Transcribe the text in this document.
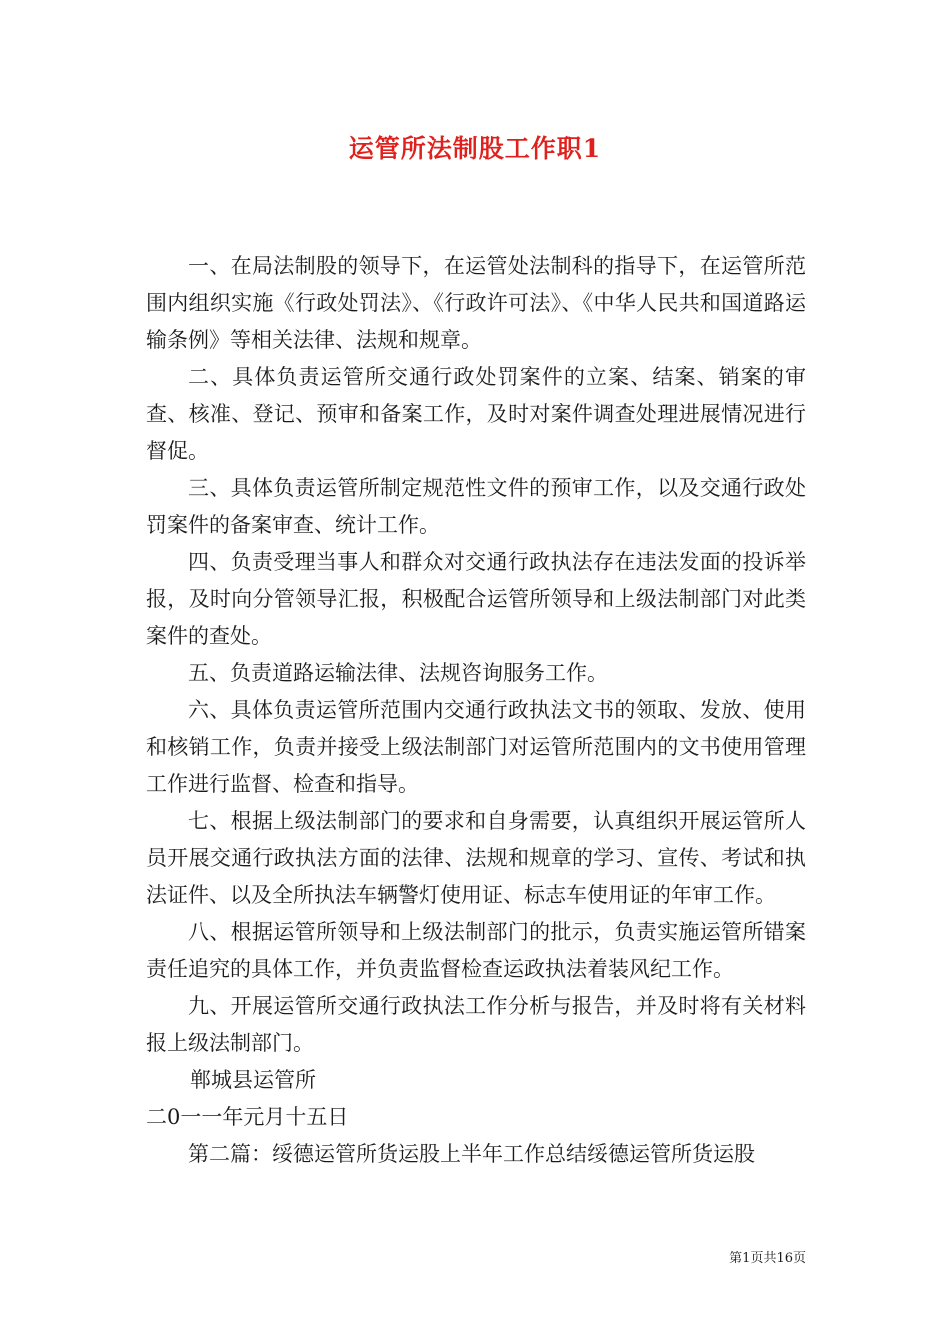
运管所法制股工作职1

一、在局法制股的领导下，在运管处法制科的指导下，在运管所范围内组织实施《行政处罚法》、《行政许可法》、《中华人民共和国道路运输条例》等相关法律、法规和规章。

二、具体负责运管所交通行政处罚案件的立案、结案、销案的审查、核准、登记、预审和备案工作，及时对案件调查处理进展情况进行督促。

三、具体负责运管所制定规范性文件的预审工作，以及交通行政处罚案件的备案审查、统计工作。

四、负责受理当事人和群众对交通行政执法存在违法发面的投诉举报，及时向分管领导汇报，积极配合运管所领导和上级法制部门对此类案件的查处。

五、负责道路运输法律、法规咨询服务工作。

六、具体负责运管所范围内交通行政执法文书的领取、发放、使用和核销工作，负责并接受上级法制部门对运管所范围内的文书使用管理工作进行监督、检查和指导。

七、根据上级法制部门的要求和自身需要，认真组织开展运管所人员开展交通行政执法方面的法律、法规和规章的学习、宣传、考试和执法证件、以及全所执法车辆警灯使用证、标志车使用证的年审工作。

八、根据运管所领导和上级法制部门的批示，负责实施运管所错案责任追究的具体工作，并负责监督检查运政执法着装风纪工作。

九、开展运管所交通行政执法工作分析与报告，并及时将有关材料报上级法制部门。

郸城县运管所

二0一一年元月十五日

第二篇：绥德运管所货运股上半年工作总结绥德运管所货运股

第1页共16页
